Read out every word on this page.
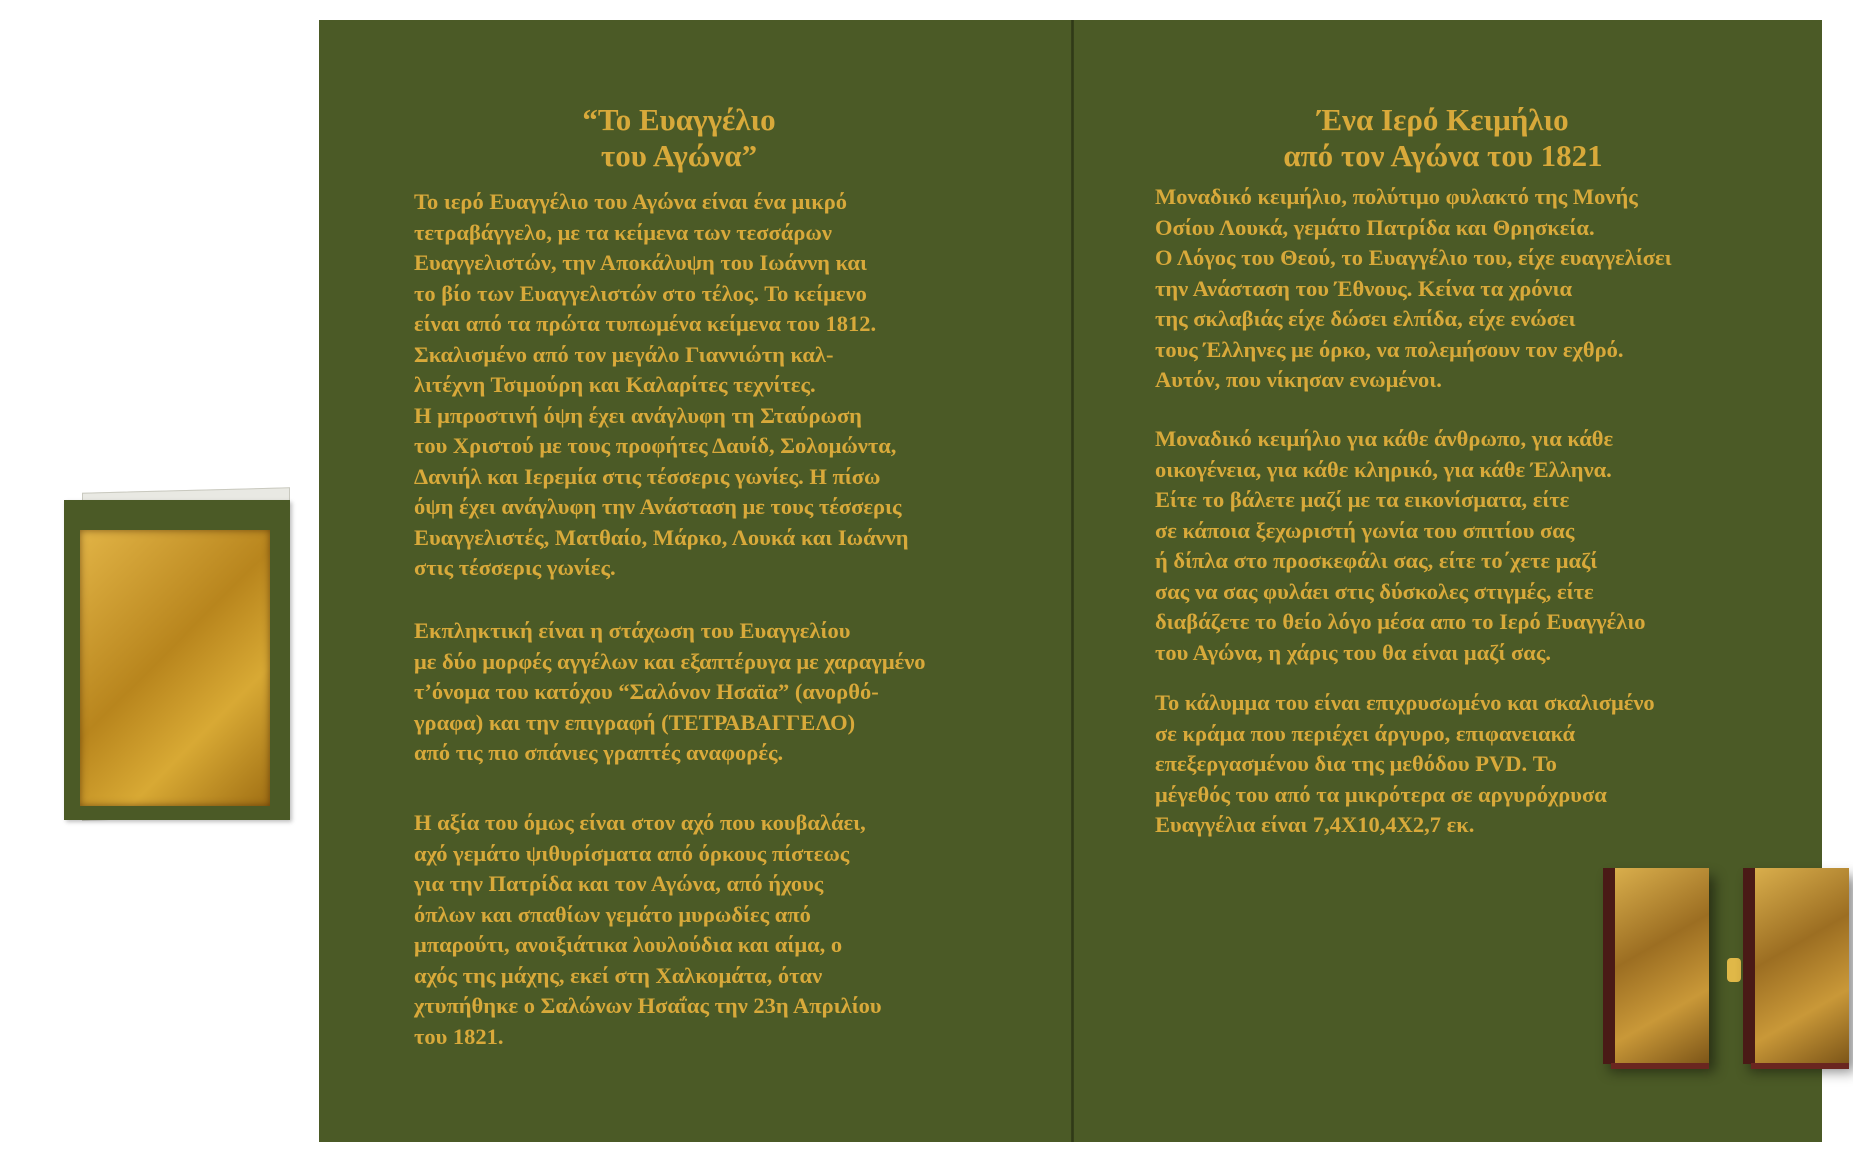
“Το Ευαγγέλιο
του Αγώνα”
Το ιερό Ευαγγέλιο του Αγώνα είναι ένα μικρό
τετραβάγγελο, με τα κείμενα των τεσσάρων
Ευαγγελιστών, την Αποκάλυψη του Ιωάννη και
το βίο των Ευαγγελιστών στο τέλος. Το κείμενο
είναι από τα πρώτα τυπωμένα κείμενα του 1812.
Σκαλισμένο από τον μεγάλο Γιαννιώτη καλ-
λιτέχνη Τσιμούρη και Καλαρίτες τεχνίτες.
Η μπροστινή όψη έχει ανάγλυφη τη Σταύρωση
του Χριστού με τους προφήτες Δαυίδ, Σολομώντα,
Δανιήλ και Ιερεμία στις τέσσερις γωνίες. Η πίσω
όψη έχει ανάγλυφη την Ανάσταση με τους τέσσερις
Ευαγγελιστές, Ματθαίο, Μάρκο, Λουκά και Ιωάννη
στις τέσσερις γωνίες.
Εκπληκτική είναι η στάχωση του Ευαγγελίου
με δύο μορφές αγγέλων και εξαπτέρυγα με χαραγμένο
τ’όνομα του κατόχου “Σαλόνον Ησαϊα” (ανορθό-
γραφα) και την επιγραφή (ΤΕΤΡΑΒΑΓΓΕΛΟ)
από τις πιο σπάνιες γραπτές αναφορές.
Η αξία του όμως είναι στον αχό που κουβαλάει,
αχό γεμάτο ψιθυρίσματα από όρκους πίστεως
για την Πατρίδα και τον Αγώνα, από ήχους
όπλων και σπαθίων γεμάτο μυρωδίες από
μπαρούτι, ανοιξιάτικα λουλούδια και αίμα, ο
αχός της μάχης, εκεί στη Χαλκομάτα, όταν
χτυπήθηκε ο Σαλώνων Ησαΐας την 23η Απριλίου
του 1821.
Ένα Ιερό Κειμήλιο
από τον Αγώνα του 1821
Μοναδικό κειμήλιο, πολύτιμο φυλακτό της Μονής
Οσίου Λουκά, γεμάτο Πατρίδα και Θρησκεία.
Ο Λόγος του Θεού, το Ευαγγέλιο του, είχε ευαγγελίσει
την Ανάσταση του Έθνους. Κείνα τα χρόνια
της σκλαβιάς είχε δώσει ελπίδα, είχε ενώσει
τους Έλληνες με όρκο, να πολεμήσουν τον εχθρό.
Αυτόν, που νίκησαν ενωμένοι.
Μοναδικό κειμήλιο για κάθε άνθρωπο, για κάθε
οικογένεια, για κάθε κληρικό, για κάθε Έλληνα.
Είτε το βάλετε μαζί με τα εικονίσματα, είτε
σε κάποια ξεχωριστή γωνία του σπιτίου σας
ή δίπλα στο προσκεφάλι σας, είτε το΄χετε μαζί
σας να σας φυλάει στις δύσκολες στιγμές, είτε
διαβάζετε το θείο λόγο μέσα απο το Ιερό Ευαγγέλιο
του Αγώνα, η χάρις του θα είναι μαζί σας.
Το κάλυμμα του είναι επιχρυσωμένο και σκαλισμένο
σε κράμα που περιέχει άργυρο, επιφανειακά
επεξεργασμένου δια της μεθόδου PVD. Το
μέγεθός του από τα μικρότερα σε αργυρόχρυσα
Ευαγγέλια είναι 7,4Χ10,4Χ2,7 εκ.
